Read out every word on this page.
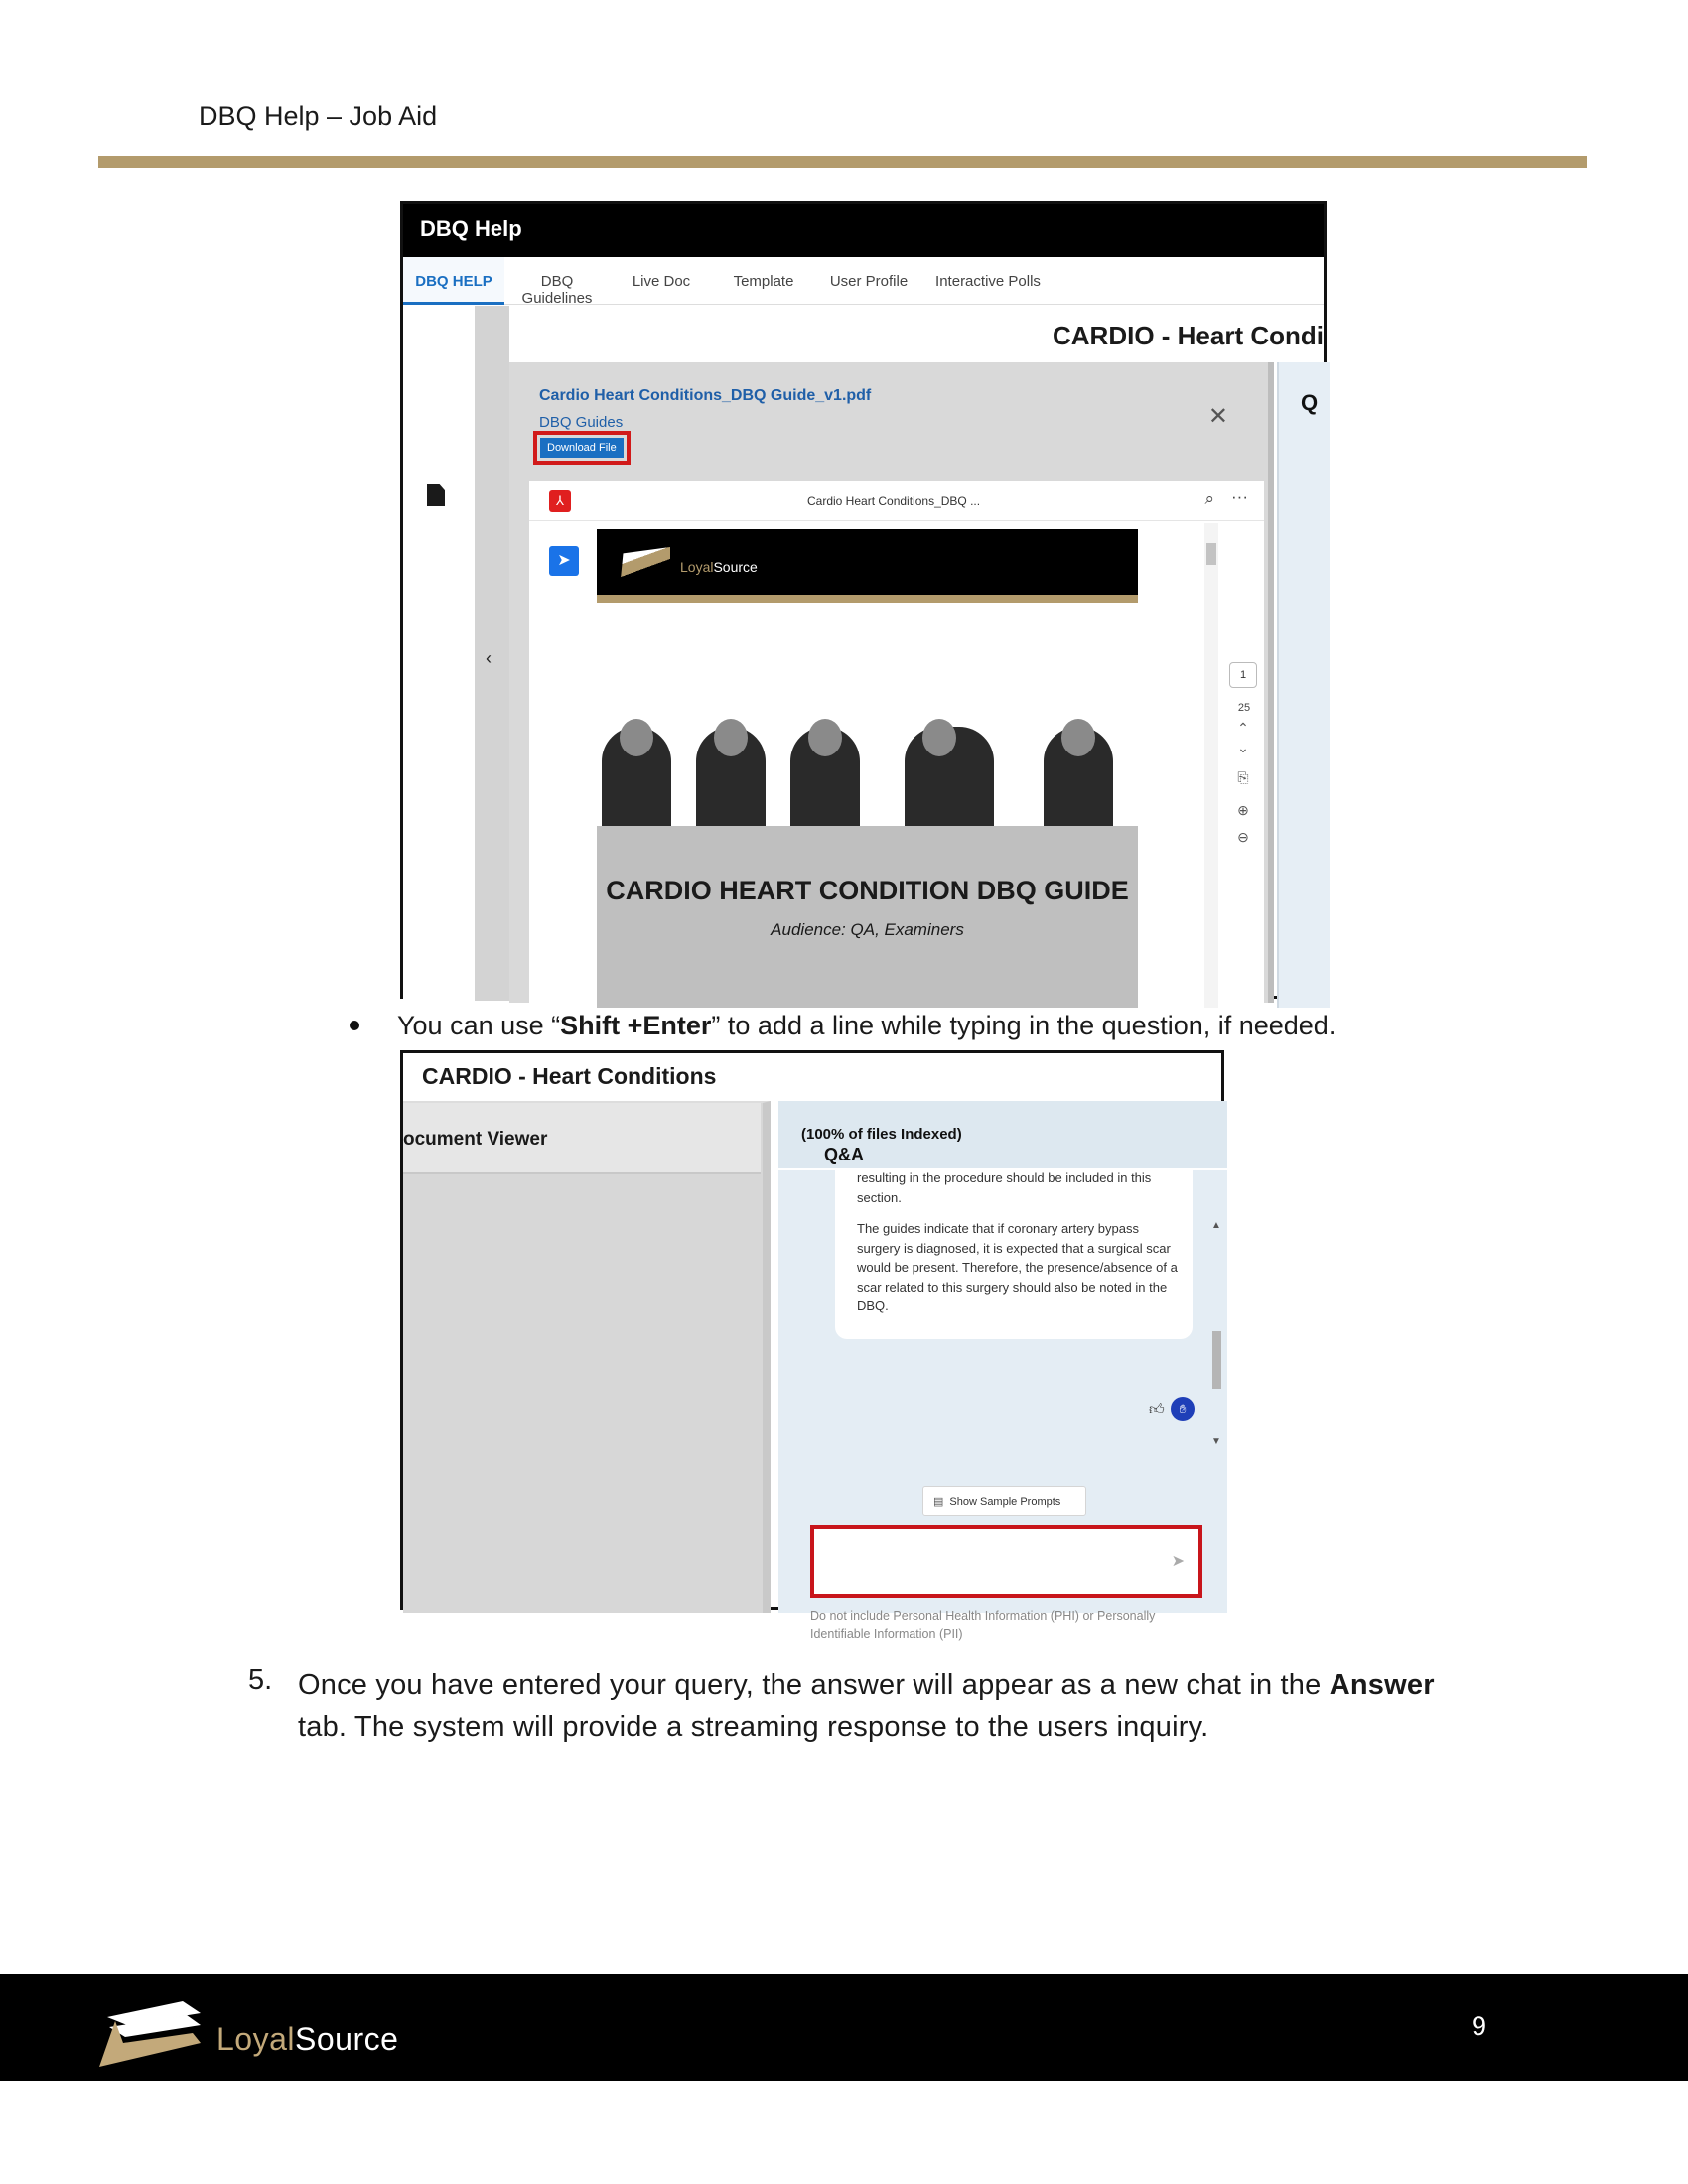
DBQ Help – Job Aid
DBQ Help
DBQ HELP	DBQ Guidelines
Live Doc	Template	User Profile	Interactive Polls
‹
CARDIO - Heart Condi
Q
Cardio Heart Conditions_DBQ Guide_v1.pdf
DBQ Guides
Download File
✕
⅄	Cardio Heart Conditions_DBQ ...	⌕ ···
➤	LoyalSource
CARDIO HEART CONDITION DBQ GUIDE
Audience: QA, Examiners
1
25
⌃
⌄
⎘
⊕
⊖
You can use “Shift +Enter” to add a line while typing in the question, if needed.
CARDIO - Heart Conditions
ocument Viewer
Q&A
(100% of files Indexed)

resulting in the procedure should be included in this section.

The guides indicate that if coronary artery bypass surgery is diagnosed, it is expected that a surgical scar would be present. Therefore, the presence/absence of a scar related to this surgery should also be noted in the DBQ.

👍︎	✋︎
▲
▼
▤ Show Sample Prompts
➤
Do not include Personal Health Information (PHI) or Personally Identifiable Information (PII)
5. Once you have entered your query, the answer will appear as a new chat in the Answer tab. The system will provide a streaming response to the users inquiry.
LoyalSource	9
